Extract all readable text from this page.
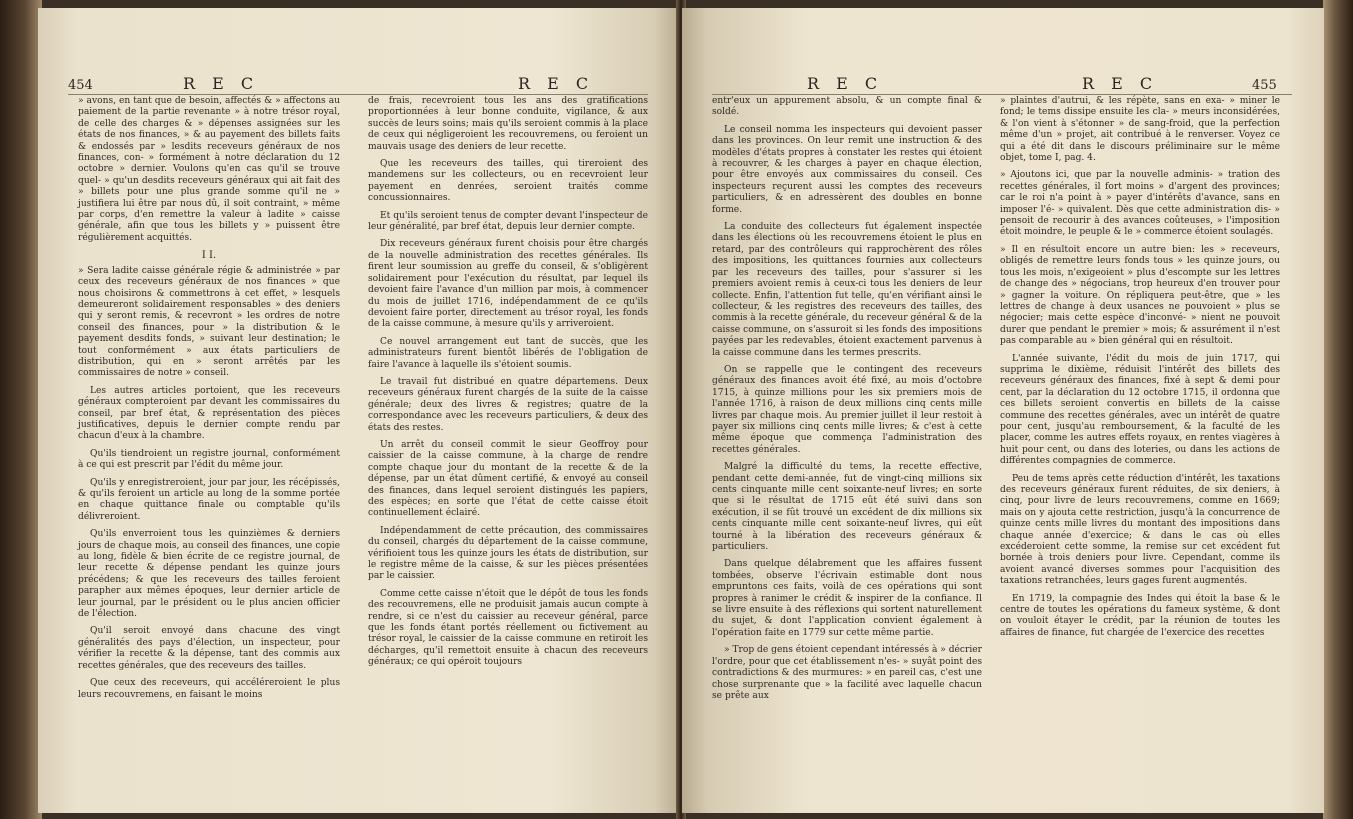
454	R E C	R E C

» avons, en tant que de besoin, affectés & » affectons au paiement de la partie revenante » à notre trésor royal, de celle des charges & » dépenses assignées sur les états de nos finances, » & au payement des billets faits & endossés par » lesdits receveurs généraux de nos finances, con- » formément à notre déclaration du 12 octobre » dernier. Voulons qu'en cas qu'il se trouve quel- » qu'un desdits receveurs généraux qui ait fait des » billets pour une plus grande somme qu'il ne » justifiera lui être par nous dû, il soit contraint, » même par corps, d'en remettre la valeur à ladite » caisse générale, afin que tous les billets y » puissent être régulièrement acquittés.

I I.

» Sera ladite caisse générale régie & administrée » par ceux des receveurs généraux de nos finances » que nous choisirons & commettrons à cet effet, » lesquels demeureront solidairement responsables » des deniers qui y seront remis, & recevront » les ordres de notre conseil des finances, pour » la distribution & le payement desdits fonds, » suivant leur destination; le tout conformément » aux états particuliers de distribution, qui en » seront arrêtés par les commissaires de notre » conseil.

Les autres articles portoient, que les receveurs généraux compteroient par devant les commissaires du conseil, par bref état, & représentation des pièces justificatives, depuis le dernier compte rendu par chacun d'eux à la chambre.

Qu'ils tiendroient un registre journal, conformément à ce qui est prescrit par l'édit du même jour.

Qu'ils y enregistreroient, jour par jour, les récépissés, & qu'ils feroient un article au long de la somme portée en chaque quittance finale ou comptable qu'ils délivreroient.

Qu'ils enverroient tous les quinzièmes & derniers jours de chaque mois, au conseil des finances, une copie au long, fidèle & bien écrite de ce registre journal, de leur recette & dépense pendant les quinze jours précédens; & que les receveurs des tailles feroient parapher aux mêmes époques, leur dernier article de leur journal, par le président ou le plus ancien officier de l'élection.

Qu'il seroit envoyé dans chacune des vingt généralités des pays d'élection, un inspecteur, pour vérifier la recette & la dépense, tant des commis aux recettes générales, que des receveurs des tailles.

Que ceux des receveurs, qui accéléreroient le plus leurs recouvremens, en faisant le moins

de frais, recevroient tous les ans des gratifications proportionnées à leur bonne conduite, vigilance, & aux succès de leurs soins; mais qu'ils seroient commis à la place de ceux qui négligeroient les recouvremens, ou feroient un mauvais usage des deniers de leur recette.

Que les receveurs des tailles, qui tireroient des mandemens sur les collecteurs, ou en recevroient leur payement en denrées, seroient traités comme concussionnaires.

Et qu'ils seroient tenus de compter devant l'inspecteur de leur généralité, par bref état, depuis leur dernier compte.

Dix receveurs généraux furent choisis pour être chargés de la nouvelle administration des recettes générales. Ils firent leur soumission au greffe du conseil, & s'obligèrent solidairement pour l'exécution du résultat, par lequel ils devoient faire l'avance d'un million par mois, à commencer du mois de juillet 1716, indépendamment de ce qu'ils devoient faire porter, directement au trésor royal, les fonds de la caisse commune, à mesure qu'ils y arriveroient.

Ce nouvel arrangement eut tant de succès, que les administrateurs furent bientôt libérés de l'obligation de faire l'avance à laquelle ils s'étoient soumis.

Le travail fut distribué en quatre départemens. Deux receveurs généraux furent chargés de la suite de la caisse générale; deux des livres & registres; quatre de la correspondance avec les receveurs particuliers, & deux des états des restes.

Un arrêt du conseil commit le sieur Geoffroy pour caissier de la caisse commune, à la charge de rendre compte chaque jour du montant de la recette & de la dépense, par un état dûment certifié, & envoyé au conseil des finances, dans lequel seroient distingués les papiers, des espèces; en sorte que l'état de cette caisse étoit continuellement éclairé.

Indépendamment de cette précaution, des commissaires du conseil, chargés du département de la caisse commune, vérifioient tous les quinze jours les états de distribution, sur le registre même de la caisse, & sur les pièces présentées par le caissier.

Comme cette caisse n'étoit que le dépôt de tous les fonds des recouvremens, elle ne produisit jamais aucun compte à rendre, si ce n'est du caissier au receveur général, parce que les fonds étant portés réellement ou fictivement au trésor royal, le caissier de la caisse commune en retiroit les décharges, qu'il remettoit ensuite à chacun des receveurs généraux; ce qui opéroit toujours

R E C	R E C	455

entr'eux un appurement absolu, & un compte final & soldé.

Le conseil nomma les inspecteurs qui devoient passer dans les provinces. On leur remit une instruction & des modèles d'états propres à constater les restes qui étoient à recouvrer, & les charges à payer en chaque élection, pour être envoyés aux commissaires du conseil. Ces inspecteurs reçurent aussi les comptes des receveurs particuliers, & en adressèrent des doubles en bonne forme.

La conduite des collecteurs fut également inspectée dans les élections où les recouvremens étoient le plus en retard, par des contrôleurs qui rapprochèrent des rôles des impositions, les quittances fournies aux collecteurs par les receveurs des tailles, pour s'assurer si les premiers avoient remis à ceux-ci tous les deniers de leur collecte. Enfin, l'attention fut telle, qu'en vérifiant ainsi le collecteur, & les registres des receveurs des tailles, des commis à la recette générale, du receveur général & de la caisse commune, on s'assuroit si les fonds des impositions payées par les redevables, étoient exactement parvenus à la caisse commune dans les termes prescrits.

On se rappelle que le contingent des receveurs généraux des finances avoit été fixé, au mois d'octobre 1715, à quinze millions pour les six premiers mois de l'année 1716, à raison de deux millions cinq cents mille livres par chaque mois. Au premier juillet il leur restoit à payer six millions cinq cents mille livres; & c'est à cette même époque que commença l'administration des recettes générales.

Malgré la difficulté du tems, la recette effective, pendant cette demi-année, fut de vingt-cinq millions six cents cinquante mille cent soixante-neuf livres; en sorte que si le résultat de 1715 eût été suivi dans son exécution, il se fût trouvé un excédent de dix millions six cents cinquante mille cent soixante-neuf livres, qui eût tourné à la libération des receveurs généraux & particuliers.

Dans quelque délabrement que les affaires fussent tombées, observe l'écrivain estimable dont nous empruntons ces faits, voilà de ces opérations qui sont propres à ranimer le crédit & inspirer de la confiance. Il se livre ensuite à des réflexions qui sortent naturellement du sujet, & dont l'application convient également à l'opération faite en 1779 sur cette même partie.

» Trop de gens étoient cependant intéressés à » décrier l'ordre, pour que cet établissement n'es- » suyât point des contradictions & des murmures: » en pareil cas, c'est une chose surprenante que » la facilité avec laquelle chacun se prête aux

» plaintes d'autrui, & les répète, sans en exa- » miner le fond; le tems dissipe ensuite les cla- » meurs inconsidérées, & l'on vient à s'étonner » de sang-froid, que la perfection même d'un » projet, ait contribué à le renverser. Voyez ce qui a été dit dans le discours préliminaire sur le même objet, tome I, pag. 4.

» Ajoutons ici, que par la nouvelle adminis- » tration des recettes générales, il fort moins » d'argent des provinces; car le roi n'a point à » payer d'intérêts d'avance, sans en imposer l'é- » quivalent. Dès que cette administration dis- » pensoit de recourir à des avances coûteuses, » l'imposition étoit moindre, le peuple & le » commerce étoient soulagés.

» Il en résultoit encore un autre bien: les » receveurs, obligés de remettre leurs fonds tous » les quinze jours, ou tous les mois, n'exigeoient » plus d'escompte sur les lettres de change des » négocians, trop heureux d'en trouver pour » gagner la voiture. On répliquera peut-être, que » les lettres de change à deux usances ne pouvoient » plus se négocier; mais cette espèce d'inconvé- » nient ne pouvoit durer que pendant le premier » mois; & assurément il n'est pas comparable au » bien général qui en résultoit.

L'année suivante, l'édit du mois de juin 1717, qui supprima le dixième, réduisit l'intérêt des billets des receveurs généraux des finances, fixé à sept & demi pour cent, par la déclaration du 12 octobre 1715, il ordonna que ces billets seroient convertis en billets de la caisse commune des recettes générales, avec un intérêt de quatre pour cent, jusqu'au remboursement, & la faculté de les placer, comme les autres effets royaux, en rentes viagères à huit pour cent, ou dans des loteries, ou dans les actions de différentes compagnies de commerce.

Peu de tems après cette réduction d'intérêt, les taxations des receveurs généraux furent réduites, de six deniers, à cinq, pour livre de leurs recouvremens, comme en 1669; mais on y ajouta cette restriction, jusqu'à la concurrence de quinze cents mille livres du montant des impositions dans chaque année d'exercice; & dans le cas où elles excéderoient cette somme, la remise sur cet excédent fut bornée à trois deniers pour livre. Cependant, comme ils avoient avancé diverses sommes pour l'acquisition des taxations retranchées, leurs gages furent augmentés.

En 1719, la compagnie des Indes qui étoit la base & le centre de toutes les opérations du fameux système, & dont on vouloit étayer le crédit, par la réunion de toutes les affaires de finance, fut chargée de l'exercice des recettes
